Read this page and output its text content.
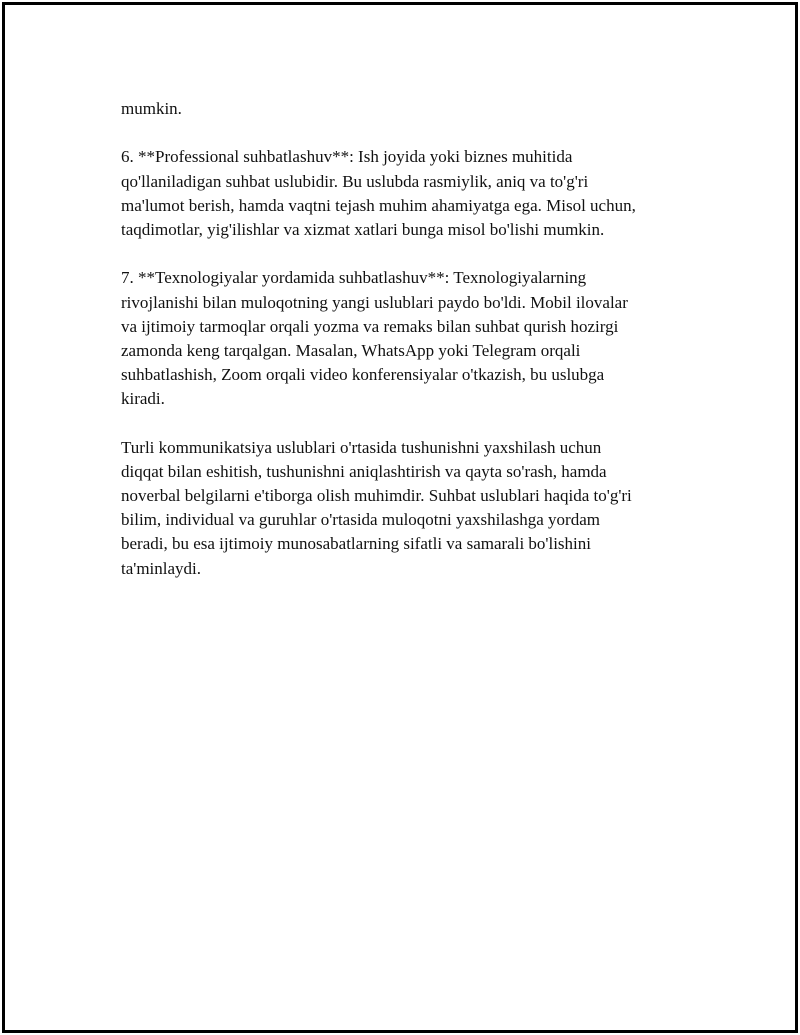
mumkin.
6. **Professional suhbatlashuv**: Ish joyida yoki biznes muhitida
qo'llaniladigan suhbat uslubidir. Bu uslubda rasmiylik, aniq va to'g'ri
ma'lumot berish, hamda vaqtni tejash muhim ahamiyatga ega. Misol uchun,
taqdimotlar, yig'ilishlar va xizmat xatlari bunga misol bo'lishi mumkin.
7. **Texnologiyalar yordamida suhbatlashuv**: Texnologiyalarning
rivojlanishi bilan muloqotning yangi uslublari paydo bo'ldi. Mobil ilovalar
va ijtimoiy tarmoqlar orqali yozma va remaks bilan suhbat qurish hozirgi
zamonda keng tarqalgan. Masalan, WhatsApp yoki Telegram orqali
suhbatlashish, Zoom orqali video konferensiyalar o'tkazish, bu uslubga
kiradi.
Turli kommunikatsiya uslublari o'rtasida tushunishni yaxshilash uchun
diqqat bilan eshitish, tushunishni aniqlashtirish va qayta so'rash, hamda
noverbal belgilarni e'tiborga olish muhimdir. Suhbat uslublari haqida to'g'ri
bilim, individual va guruhlar o'rtasida muloqotni yaxshilashga yordam
beradi, bu esa ijtimoiy munosabatlarning sifatli va samarali bo'lishini
ta'minlaydi.
